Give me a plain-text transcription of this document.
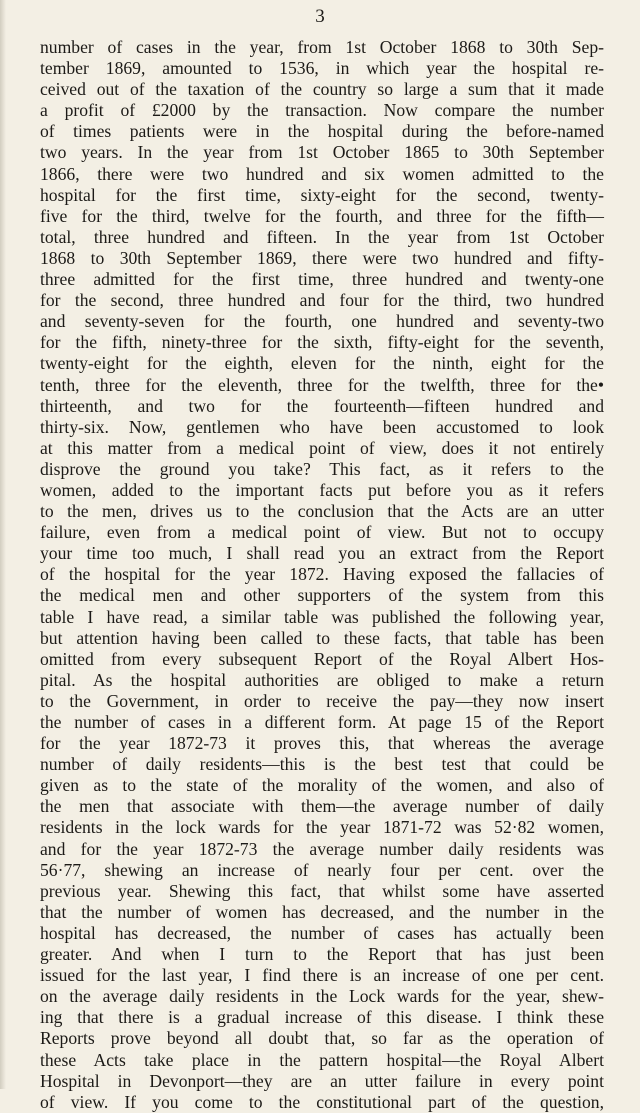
3
number of cases in the year, from 1st October 1868 to 30th Sep-
tember 1869, amounted to 1536, in which year the hospital re-
ceived out of the taxation of the country so large a sum that it made
a profit of £2000 by the transaction. Now compare the number
of times patients were in the hospital during the before-named
two years. In the year from 1st October 1865 to 30th September
1866, there were two hundred and six women admitted to the
hospital for the first time, sixty-eight for the second, twenty-
five for the third, twelve for the fourth, and three for the fifth—
total, three hundred and fifteen. In the year from 1st October
1868 to 30th September 1869, there were two hundred and fifty-
three admitted for the first time, three hundred and twenty-one
for the second, three hundred and four for the third, two hundred
and seventy-seven for the fourth, one hundred and seventy-two
for the fifth, ninety-three for the sixth, fifty-eight for the seventh,
twenty-eight for the eighth, eleven for the ninth, eight for the
tenth, three for the eleventh, three for the twelfth, three for the•
thirteenth, and two for the fourteenth—fifteen hundred and
thirty-six. Now, gentlemen who have been accustomed to look
at this matter from a medical point of view, does it not entirely
disprove the ground you take? This fact, as it refers to the
women, added to the important facts put before you as it refers
to the men, drives us to the conclusion that the Acts are an utter
failure, even from a medical point of view. But not to occupy
your time too much, I shall read you an extract from the Report
of the hospital for the year 1872. Having exposed the fallacies of
the medical men and other supporters of the system from this
table I have read, a similar table was published the following year,
but attention having been called to these facts, that table has been
omitted from every subsequent Report of the Royal Albert Hos-
pital. As the hospital authorities are obliged to make a return
to the Government, in order to receive the pay—they now insert
the number of cases in a different form. At page 15 of the Report
for the year 1872-73 it proves this, that whereas the average
number of daily residents—this is the best test that could be
given as to the state of the morality of the women, and also of
the men that associate with them—the average number of daily
residents in the lock wards for the year 1871-72 was 52·82 women,
and for the year 1872-73 the average number daily residents was
56·77, shewing an increase of nearly four per cent. over the
previous year. Shewing this fact, that whilst some have asserted
that the number of women has decreased, and the number in the
hospital has decreased, the number of cases has actually been
greater. And when I turn to the Report that has just been
issued for the last year, I find there is an increase of one per cent.
on the average daily residents in the Lock wards for the year, shew-
ing that there is a gradual increase of this disease. I think these
Reports prove beyond all doubt that, so far as the operation of
these Acts take place in the pattern hospital—the Royal Albert
Hospital in Devonport—they are an utter failure in every point
of view. If you come to the constitutional part of the question,
